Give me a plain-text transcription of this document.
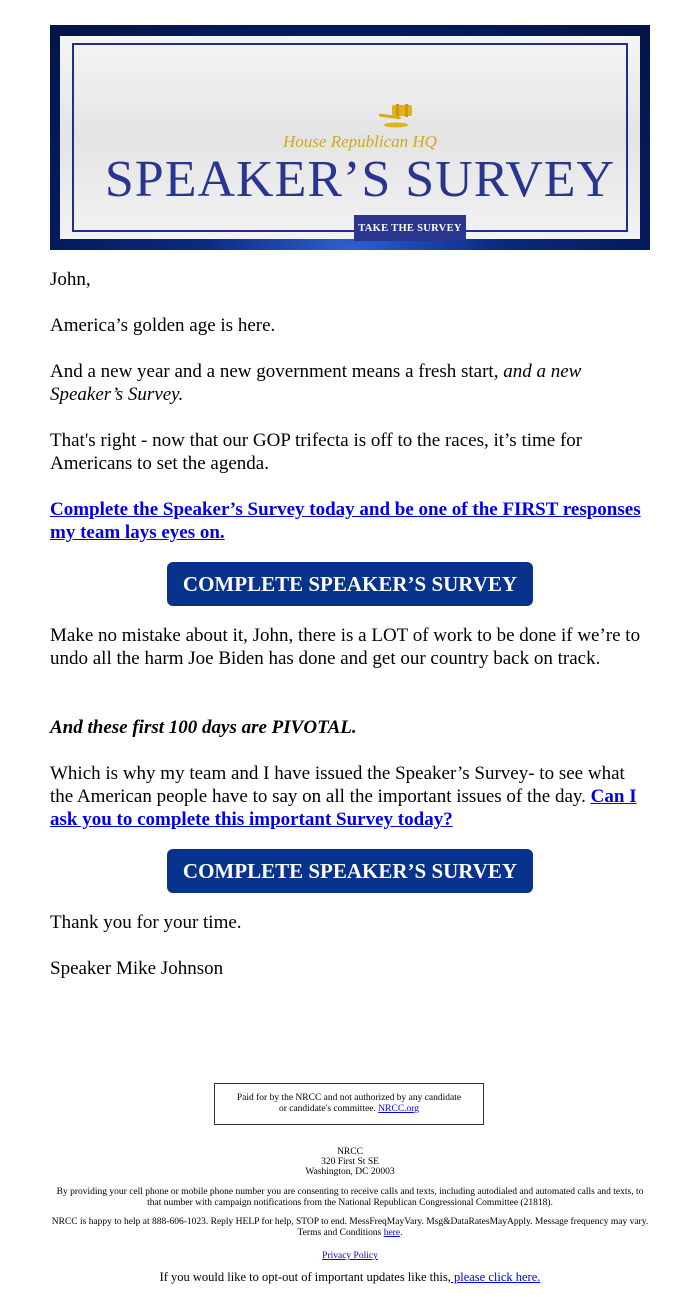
House Republican HQ
SPEAKER’S SURVEY
TAKE THE SURVEY

John,

America’s golden age is here.

And a new year and a new government means a fresh start, and a new Speaker’s Survey.

That's right - now that our GOP trifecta is off to the races, it’s time for Americans to set the agenda.

Complete the Speaker’s Survey today and be one of the FIRST responses my team lays eyes on.

COMPLETE SPEAKER’S SURVEY

Make no mistake about it, John, there is a LOT of work to be done if we’re to undo all the harm Joe Biden has done and get our country back on track.

And these first 100 days are PIVOTAL.

Which is why my team and I have issued the Speaker’s Survey- to see what the American people have to say on all the important issues of the day. Can I ask you to complete this important Survey today?

COMPLETE SPEAKER’S SURVEY

Thank you for your time.

Speaker Mike Johnson

Paid for by the NRCC and not authorized by any candidate or candidate's committee. NRCC.org

NRCC

320 First St SE

Washington, DC 20003

By providing your cell phone or mobile phone number you are consenting to receive calls and texts, including autodialed and automated calls and texts, to that number with campaign notifications from the National Republican Congressional Committee (21818).

NRCC is happy to help at 888-606-1023. Reply HELP for help, STOP to end. MessFreqMayVary. Msg&DataRatesMayApply. Message frequency may vary. Terms and Conditions here.

Privacy Policy

If you would like to opt-out of important updates like this, please click here.
